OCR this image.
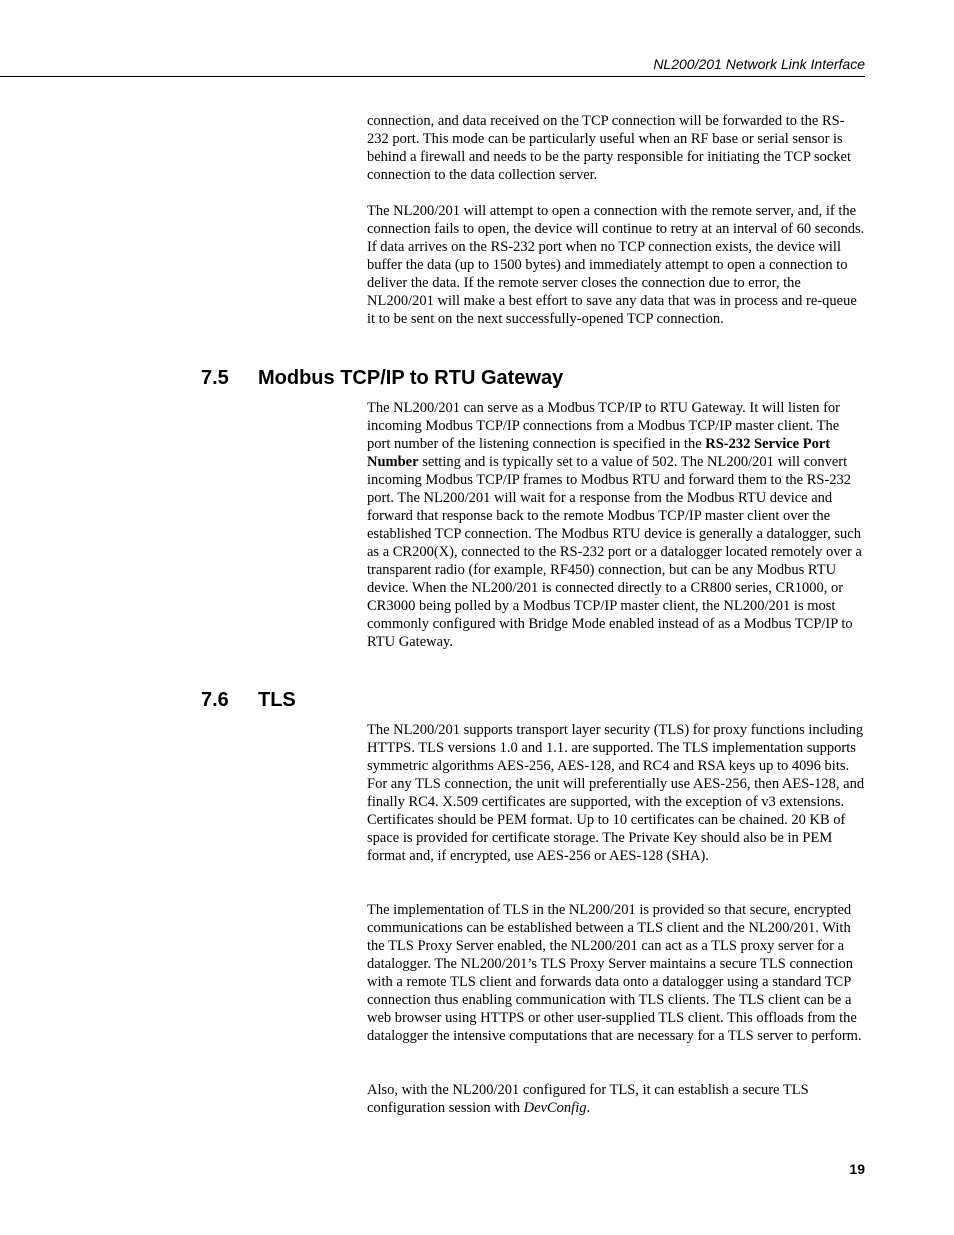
NL200/201 Network Link Interface

connection, and data received on the TCP connection will be forwarded to the RS-232 port. This mode can be particularly useful when an RF base or serial sensor is behind a firewall and needs to be the party responsible for initiating the TCP socket connection to the data collection server.

The NL200/201 will attempt to open a connection with the remote server, and, if the connection fails to open, the device will continue to retry at an interval of 60 seconds. If data arrives on the RS-232 port when no TCP connection exists, the device will buffer the data (up to 1500 bytes) and immediately attempt to open a connection to deliver the data. If the remote server closes the connection due to error, the NL200/201 will make a best effort to save any data that was in process and re-queue it to be sent on the next successfully-opened TCP connection.

7.5 Modbus TCP/IP to RTU Gateway

The NL200/201 can serve as a Modbus TCP/IP to RTU Gateway. It will listen for incoming Modbus TCP/IP connections from a Modbus TCP/IP master client. The port number of the listening connection is specified in the RS-232 Service Port Number setting and is typically set to a value of 502. The NL200/201 will convert incoming Modbus TCP/IP frames to Modbus RTU and forward them to the RS-232 port. The NL200/201 will wait for a response from the Modbus RTU device and forward that response back to the remote Modbus TCP/IP master client over the established TCP connection. The Modbus RTU device is generally a datalogger, such as a CR200(X), connected to the RS-232 port or a datalogger located remotely over a transparent radio (for example, RF450) connection, but can be any Modbus RTU device. When the NL200/201 is connected directly to a CR800 series, CR1000, or CR3000 being polled by a Modbus TCP/IP master client, the NL200/201 is most commonly configured with Bridge Mode enabled instead of as a Modbus TCP/IP to RTU Gateway.

7.6 TLS

The NL200/201 supports transport layer security (TLS) for proxy functions including HTTPS. TLS versions 1.0 and 1.1. are supported. The TLS implementation supports symmetric algorithms AES-256, AES-128, and RC4 and RSA keys up to 4096 bits. For any TLS connection, the unit will preferentially use AES-256, then AES-128, and finally RC4. X.509 certificates are supported, with the exception of v3 extensions. Certificates should be PEM format. Up to 10 certificates can be chained. 20 KB of space is provided for certificate storage. The Private Key should also be in PEM format and, if encrypted, use AES-256 or AES-128 (SHA).

The implementation of TLS in the NL200/201 is provided so that secure, encrypted communications can be established between a TLS client and the NL200/201. With the TLS Proxy Server enabled, the NL200/201 can act as a TLS proxy server for a datalogger. The NL200/201’s TLS Proxy Server maintains a secure TLS connection with a remote TLS client and forwards data onto a datalogger using a standard TCP connection thus enabling communication with TLS clients. The TLS client can be a web browser using HTTPS or other user-supplied TLS client. This offloads from the datalogger the intensive computations that are necessary for a TLS server to perform.

Also, with the NL200/201 configured for TLS, it can establish a secure TLS configuration session with DevConfig.

19
